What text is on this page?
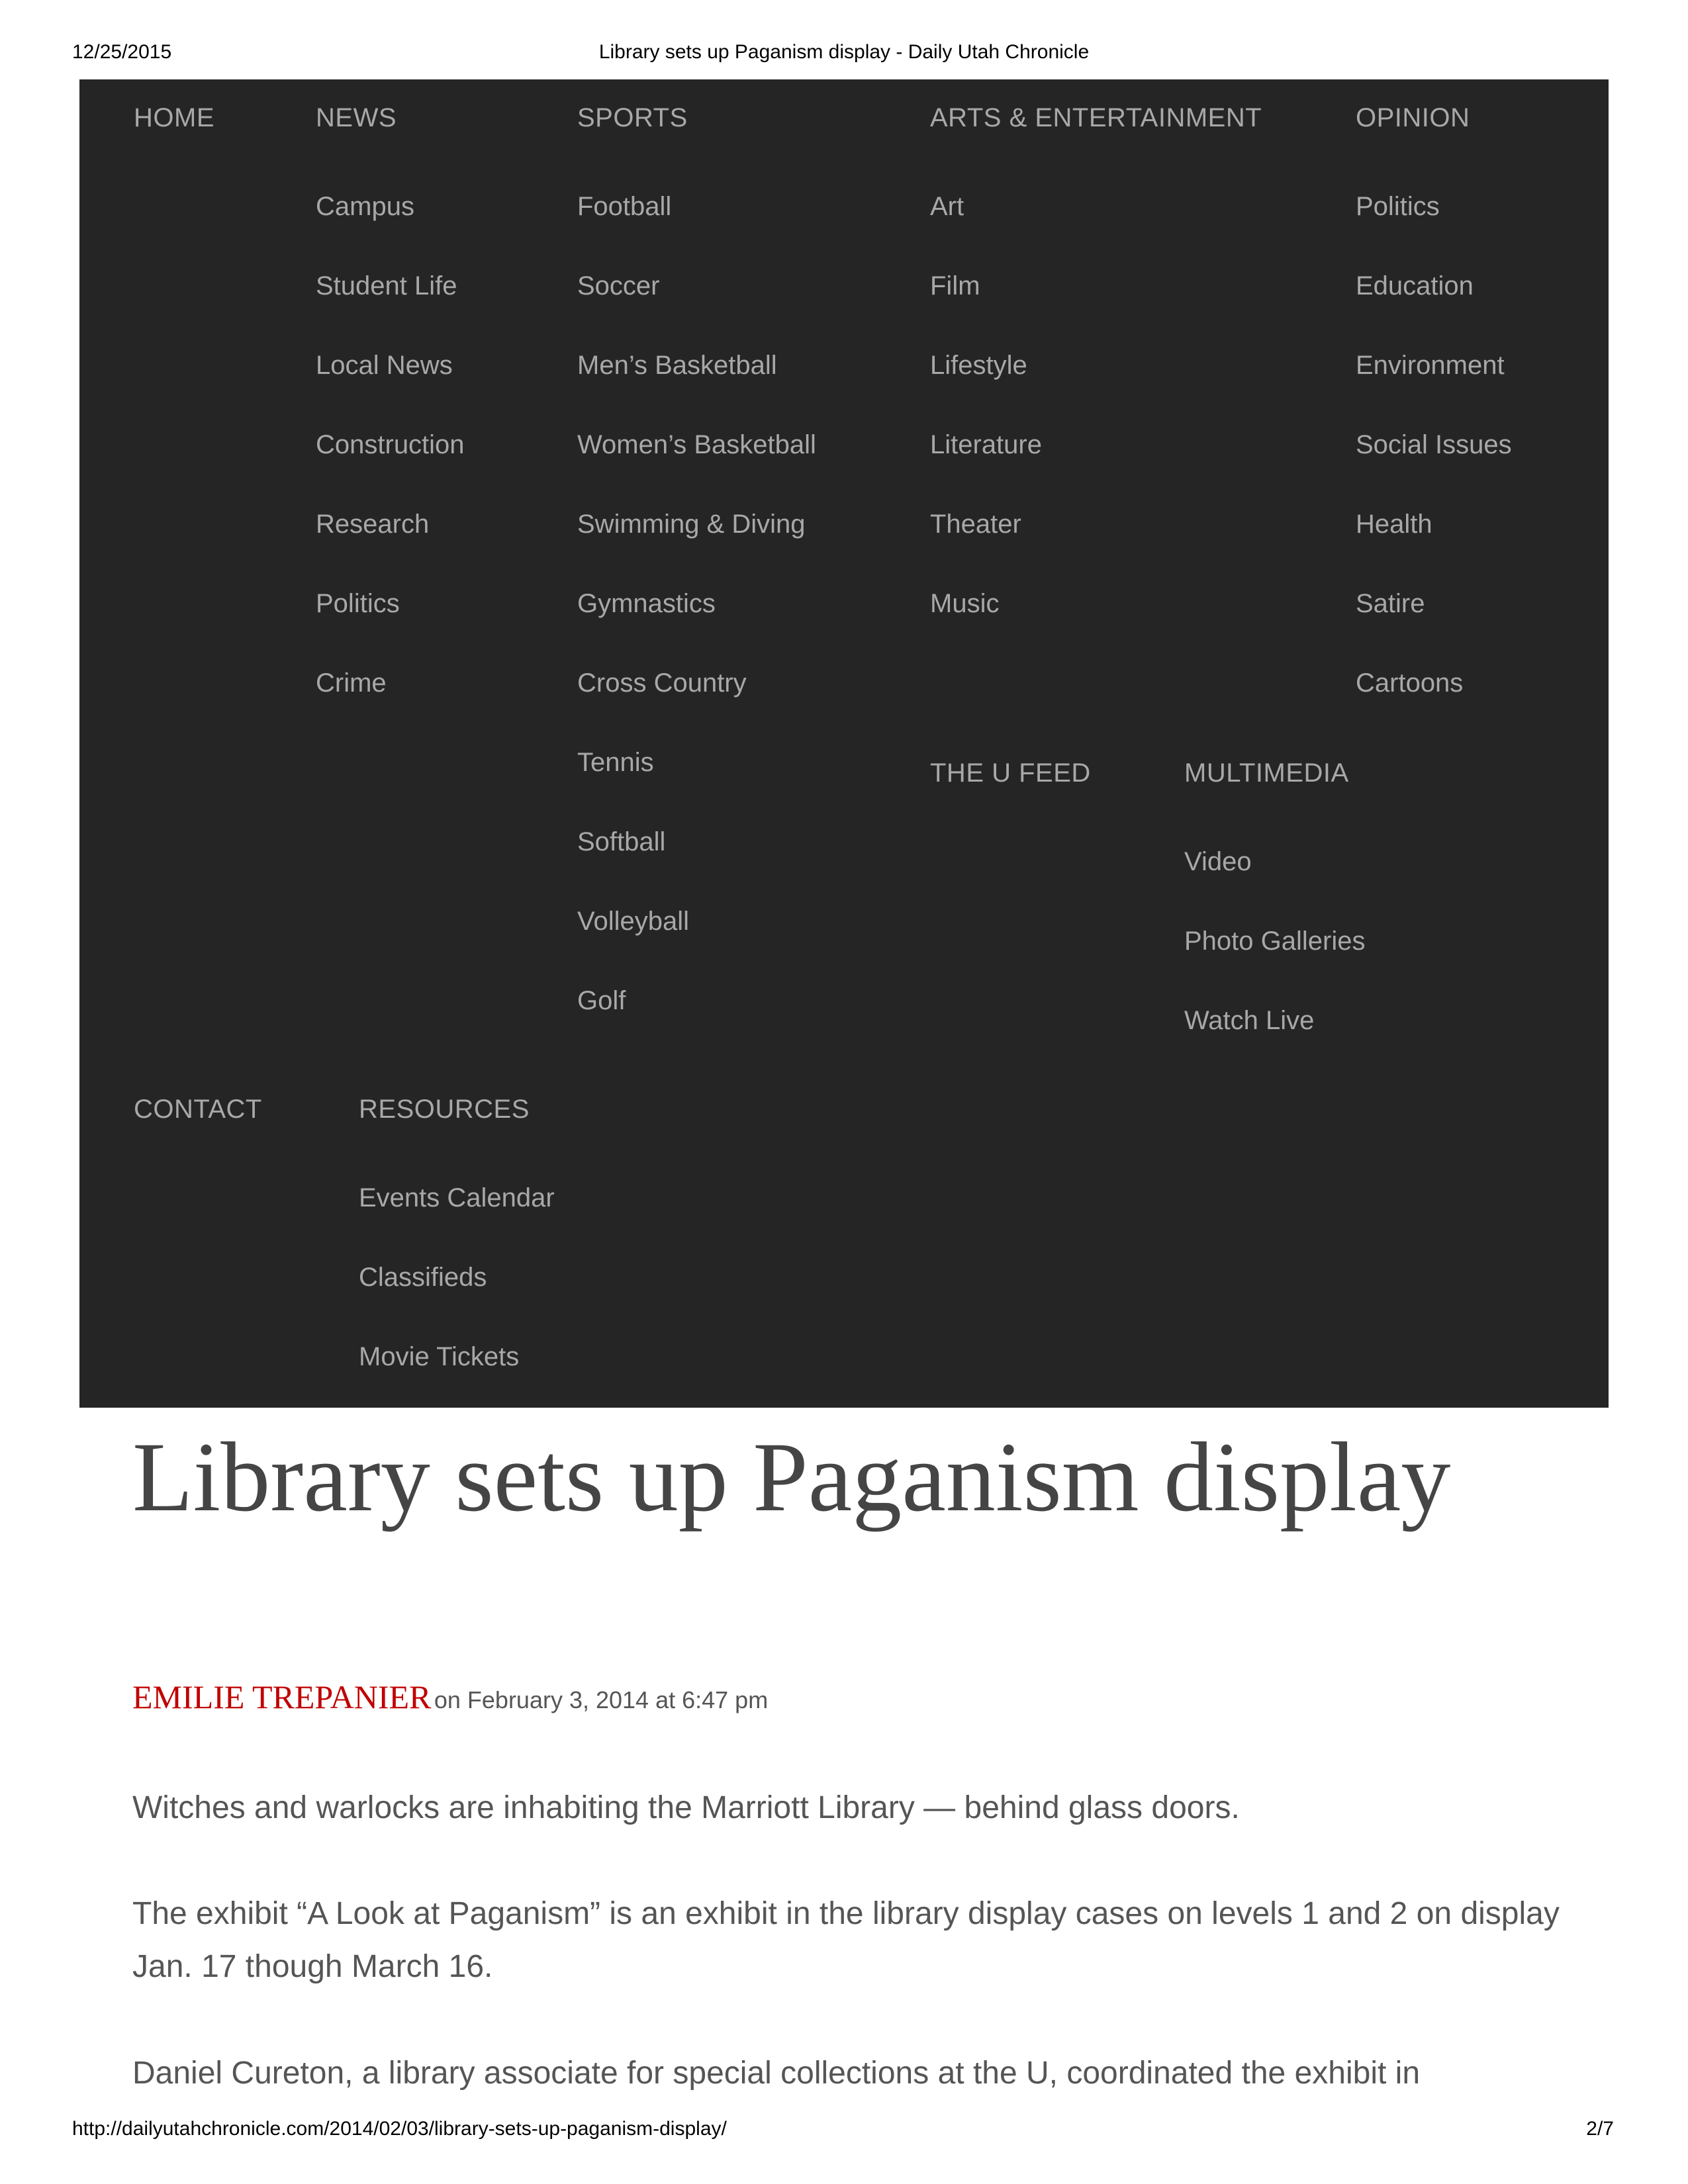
12/25/2015	Library sets up Paganism display - Daily Utah Chronicle
HOME	NEWS
Campus
Student Life
Local News
Construction
Research
Politics
Crime
SPORTS
Football
Soccer
Men’s Basketball
Women’s Basketball
Swimming & Diving
Gymnastics
Cross Country
Tennis
Softball
Volleyball
Golf
ARTS & ENTERTAINMENT
Art
Film
Lifestyle
Literature
Theater
Music
OPINION
Politics
Education
Environment
Social Issues
Health
Satire
Cartoons
THE U FEED	MULTIMEDIA
Video
Photo Galleries
Watch Live
CONTACT	RESOURCES
Events Calendar
Classifieds
Movie Tickets
Library sets up Paganism display
EMILIE TREPANIER on February 3, 2014 at 6:47 pm

Witches and warlocks are inhabiting the Marriott Library — behind glass doors.

The exhibit “A Look at Paganism” is an exhibit in the library display cases on levels 1 and 2 on display Jan. 17 though March 16.

Daniel Cureton, a library associate for special collections at the U, coordinated the exhibit in

http://dailyutahchronicle.com/2014/02/03/library-sets-up-paganism-display/	2/7
